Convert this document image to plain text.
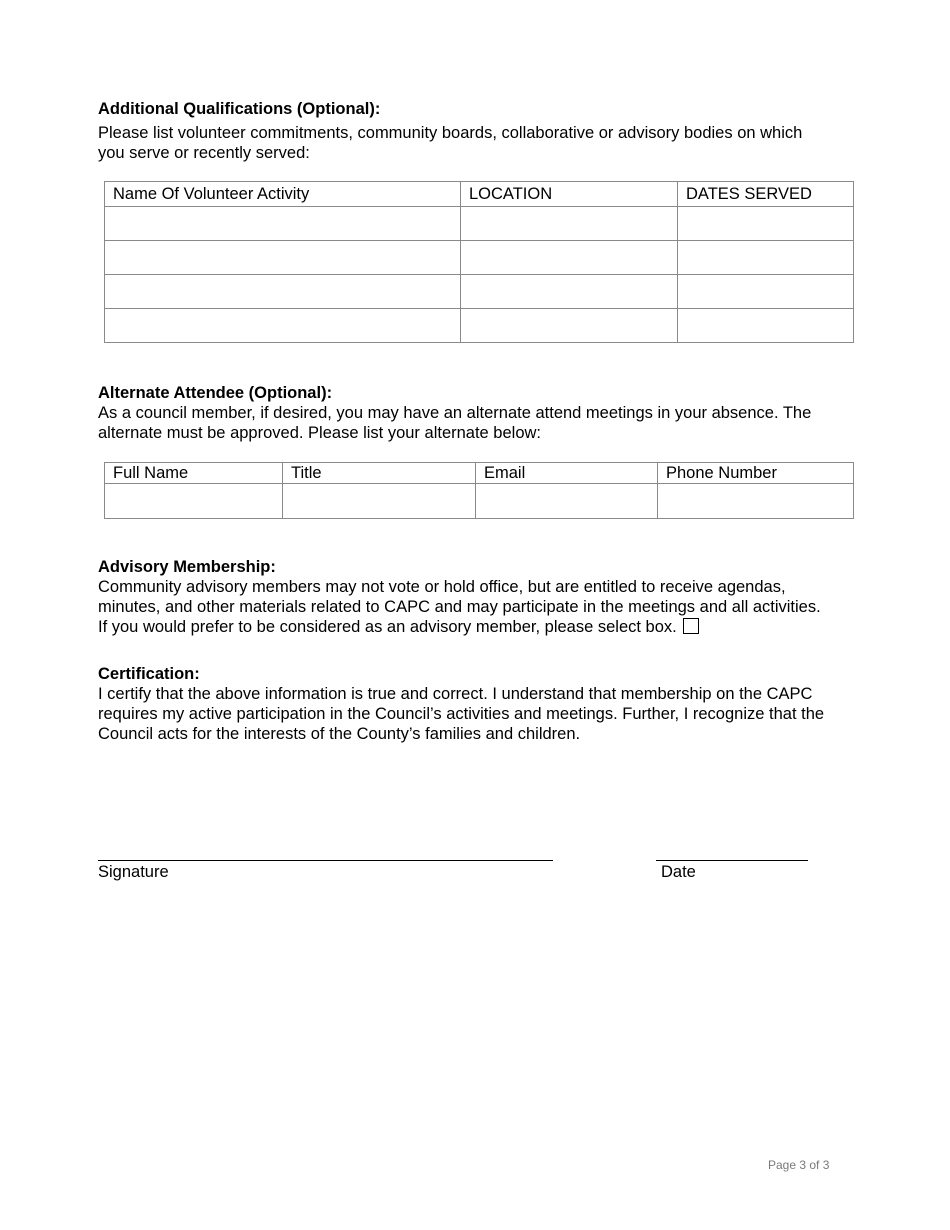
Additional Qualifications (Optional):
Please list volunteer commitments, community boards, collaborative or advisory bodies on which
you serve or recently served:
Name Of Volunteer Activity	LOCATION	DATES SERVED

Alternate Attendee (Optional):
As a council member, if desired, you may have an alternate attend meetings in your absence. The
alternate must be approved. Please list your alternate below:
Full Name	Title	Email	Phone Number

Advisory Membership:
Community advisory members may not vote or hold office, but are entitled to receive agendas,
minutes, and other materials related to CAPC and may participate in the meetings and all activities.
If you would prefer to be considered as an advisory member, please select box.
Certification:
I certify that the above information is true and correct. I understand that membership on the CAPC
requires my active participation in the Council’s activities and meetings. Further, I recognize that the
Council acts for the interests of the County’s families and children.
Signature	Date
Page 3 of 3
